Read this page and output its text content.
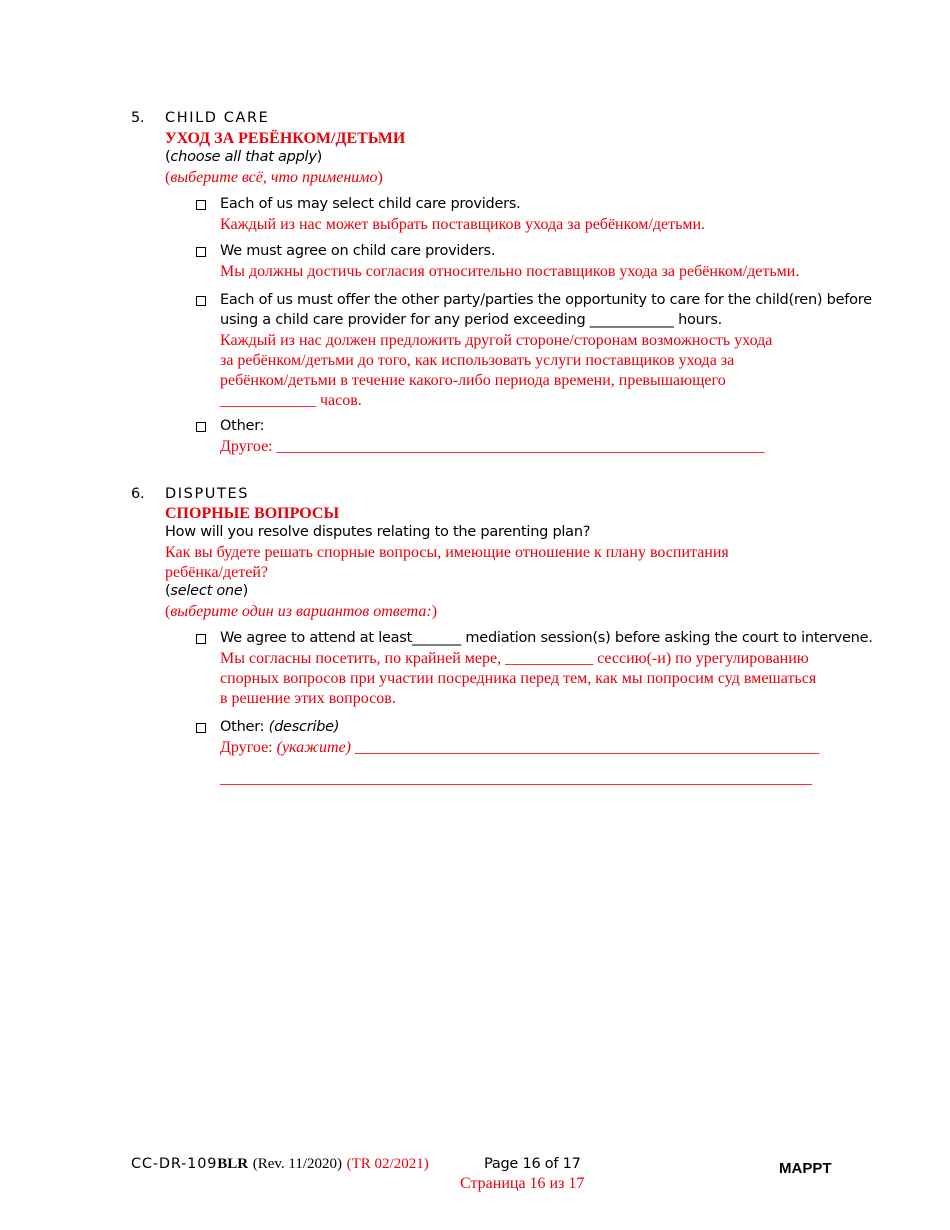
5. CHILD CARE
УХОД ЗА РЕБЁНКОМ/ДЕТЬМИ
(choose all that apply)
(выберите всё, что применимо)
Each of us may select child care providers.
Каждый из нас может выбрать поставщиков ухода за ребёнком/детьми.
We must agree on child care providers.
Мы должны достичь согласия относительно поставщиков ухода за ребёнком/детьми.
Each of us must offer the other party/parties the opportunity to care for the child(ren) before
using a child care provider for any period exceeding ____________ hours.
Каждый из нас должен предложить другой стороне/сторонам возможность ухода
за ребёнком/детьми до того, как использовать услуги поставщиков ухода за
ребёнком/детьми в течение какого-либо периода времени, превышающего
____________ часов.
Other:
Другое: _____________________________________________________________
6. DISPUTES
СПОРНЫЕ ВОПРОСЫ
How will you resolve disputes relating to the parenting plan?
Как вы будете решать спорные вопросы, имеющие отношение к плану воспитания
ребёнка/детей?
(select one)
(выберите один из вариантов ответа:)
We agree to attend at least_______ mediation session(s) before asking the court to intervene.
Мы согласны посетить, по крайней мере, ___________ сессию(-и) по урегулированию
спорных вопросов при участии посредника перед тем, как мы попросим суд вмешаться
в решение этих вопросов.
Other: (describe)
Другое: (укажите) __________________________________________________________
__________________________________________________________________________
CC-DR-109BLR (Rev. 11/2020) (TR 02/2021)	Page 16 of 17
Страница 16 из 17
MAPPT
